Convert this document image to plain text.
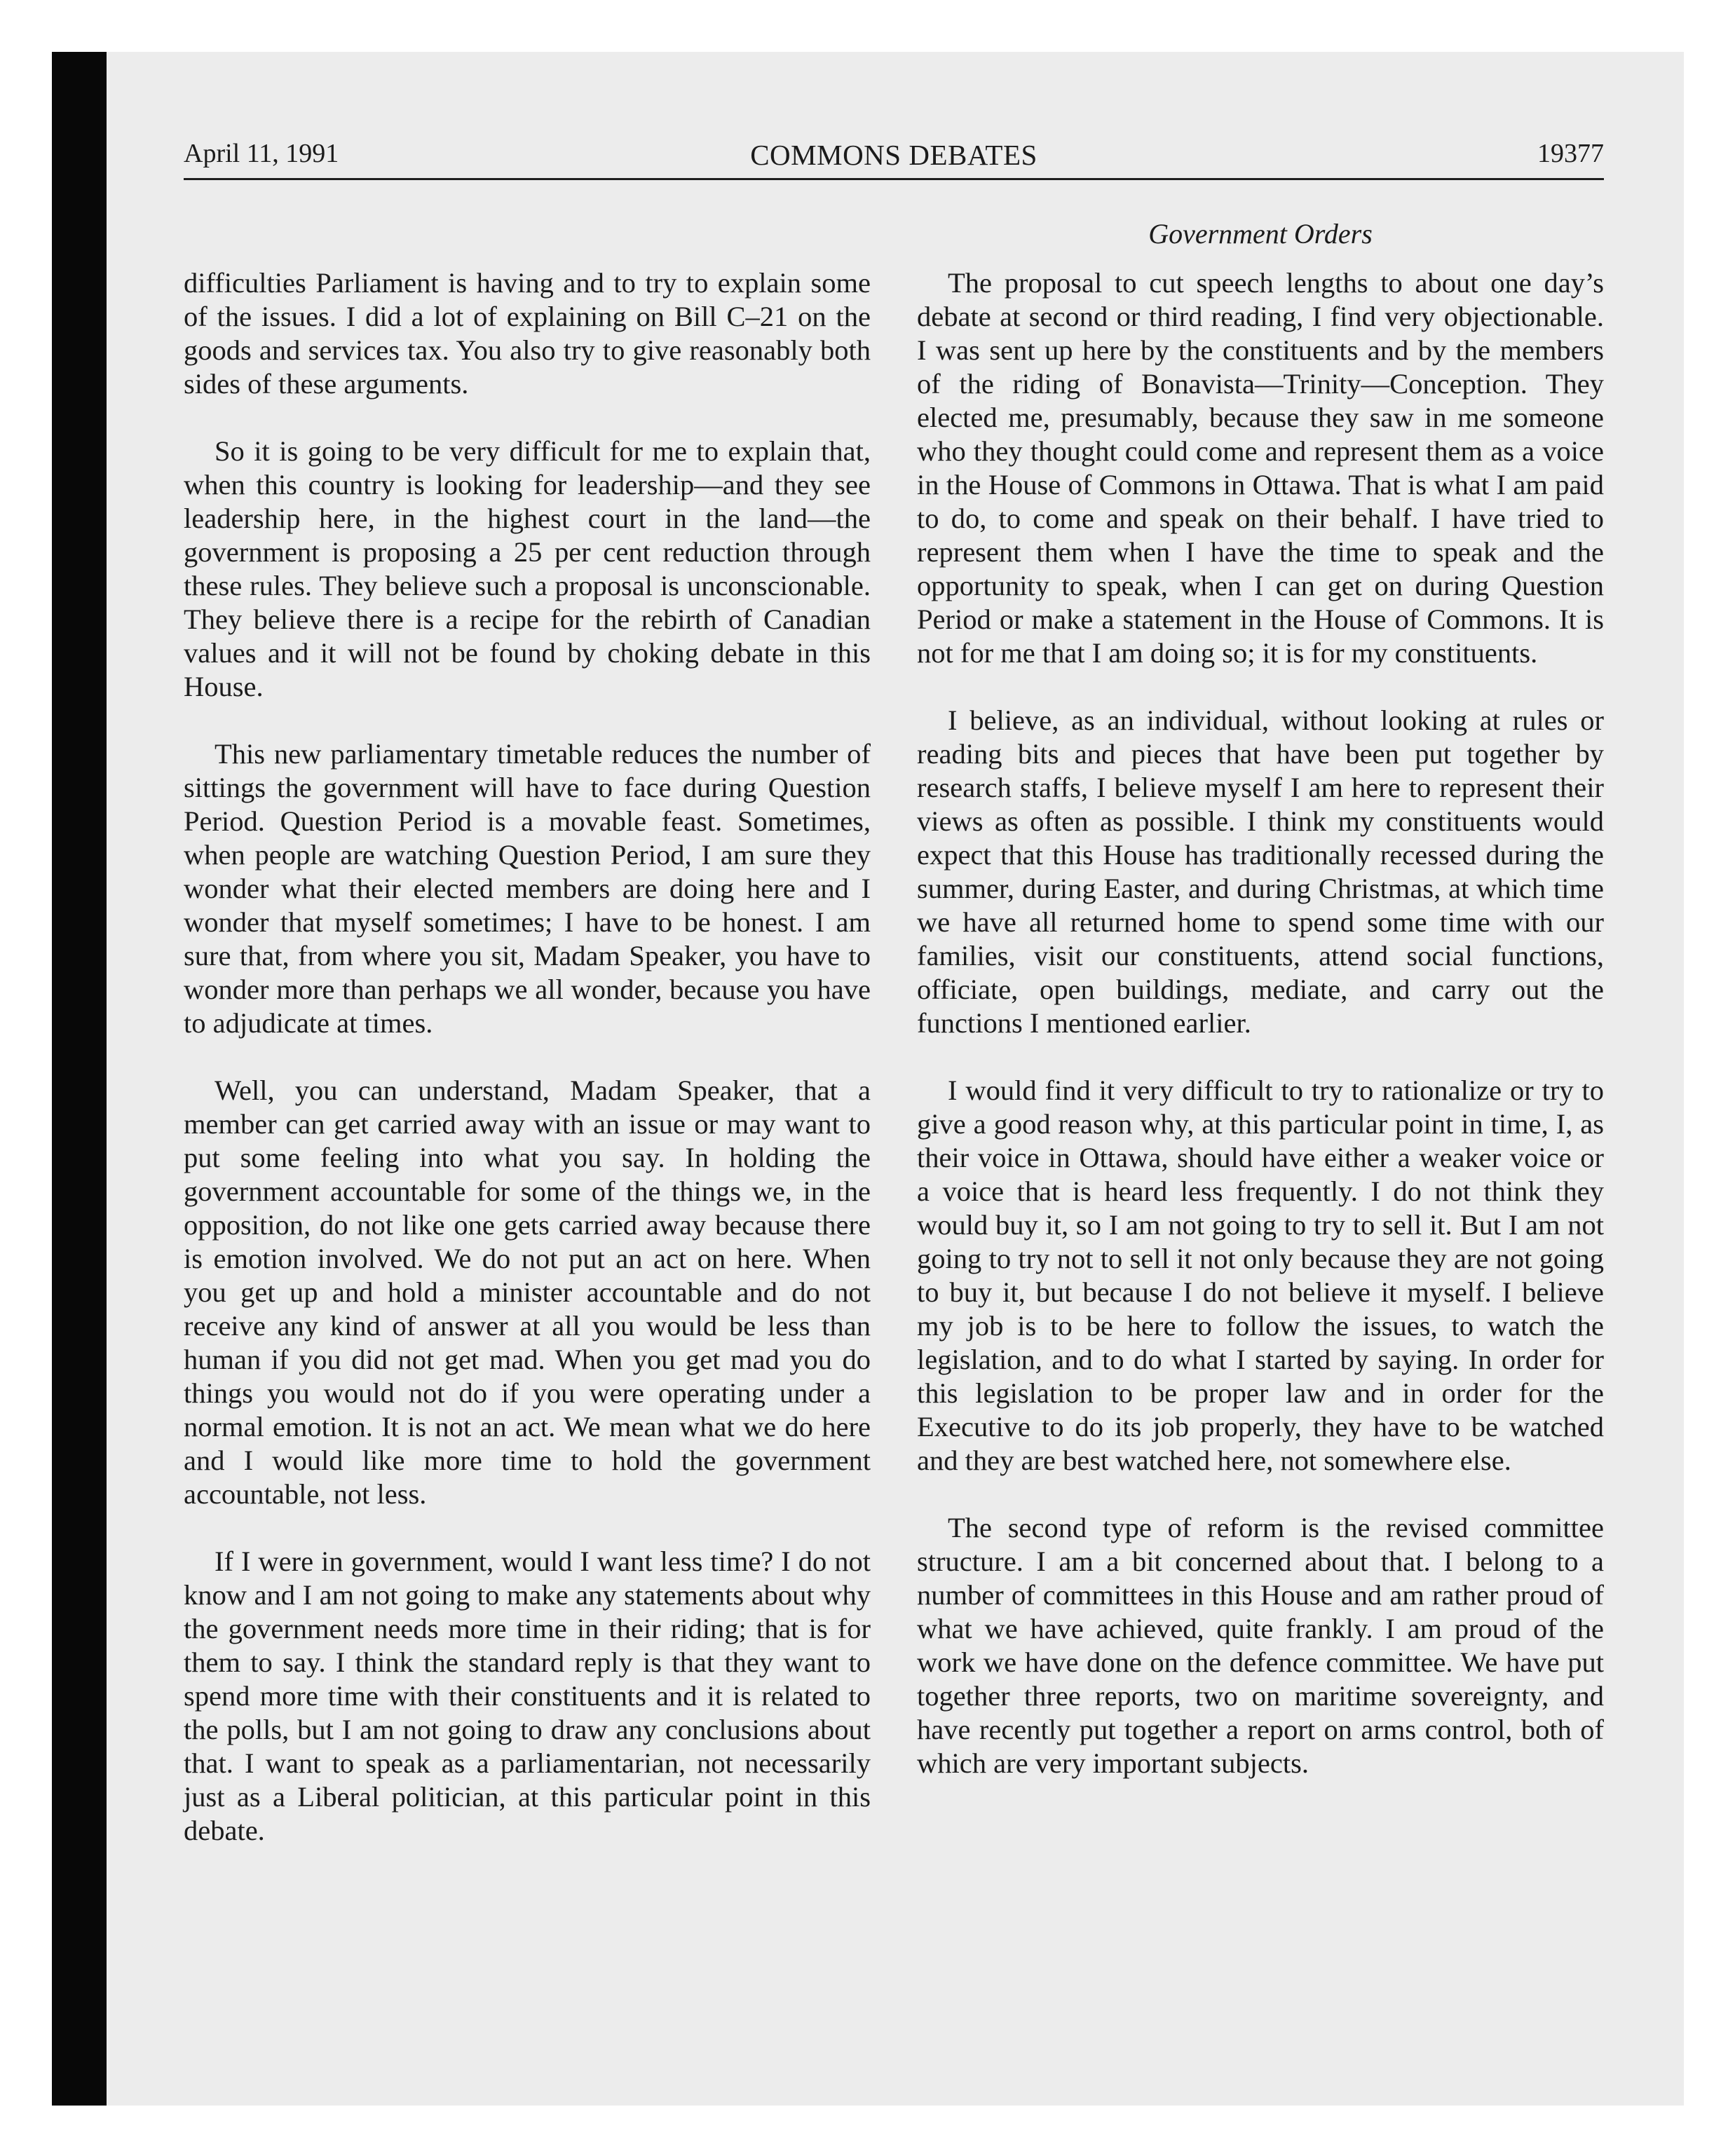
April 11, 1991	COMMONS DEBATES	19377
Government Orders

difficulties Parliament is having and to try to explain some of the issues. I did a lot of explaining on Bill C–21 on the goods and services tax. You also try to give reasonably both sides of these arguments.

So it is going to be very difficult for me to explain that, when this country is looking for leadership—and they see leadership here, in the highest court in the land—the government is proposing a 25 per cent reduction through these rules. They believe such a proposal is unconscionable. They believe there is a recipe for the rebirth of Canadian values and it will not be found by choking debate in this House.

This new parliamentary timetable reduces the number of sittings the government will have to face during Question Period. Question Period is a movable feast. Sometimes, when people are watching Question Period, I am sure they wonder what their elected members are doing here and I wonder that myself sometimes; I have to be honest. I am sure that, from where you sit, Madam Speaker, you have to wonder more than perhaps we all wonder, because you have to adjudicate at times.

Well, you can understand, Madam Speaker, that a member can get carried away with an issue or may want to put some feeling into what you say. In holding the government accountable for some of the things we, in the opposition, do not like one gets carried away because there is emotion involved. We do not put an act on here. When you get up and hold a minister accountable and do not receive any kind of answer at all you would be less than human if you did not get mad. When you get mad you do things you would not do if you were operating under a normal emotion. It is not an act. We mean what we do here and I would like more time to hold the government accountable, not less.

If I were in government, would I want less time? I do not know and I am not going to make any statements about why the government needs more time in their riding; that is for them to say. I think the standard reply is that they want to spend more time with their constituents and it is related to the polls, but I am not going to draw any conclusions about that. I want to speak as a parliamentarian, not necessarily just as a Liberal politician, at this particular point in this debate.

The proposal to cut speech lengths to about one day’s debate at second or third reading, I find very objectionable. I was sent up here by the constituents and by the members of the riding of Bonavista—Trinity—Conception. They elected me, presumably, because they saw in me someone who they thought could come and represent them as a voice in the House of Commons in Ottawa. That is what I am paid to do, to come and speak on their behalf. I have tried to represent them when I have the time to speak and the opportunity to speak, when I can get on during Question Period or make a statement in the House of Commons. It is not for me that I am doing so; it is for my constituents.

I believe, as an individual, without looking at rules or reading bits and pieces that have been put together by research staffs, I believe myself I am here to represent their views as often as possible. I think my constituents would expect that this House has traditionally recessed during the summer, during Easter, and during Christmas, at which time we have all returned home to spend some time with our families, visit our constituents, attend social functions, officiate, open buildings, mediate, and carry out the functions I mentioned earlier.

I would find it very difficult to try to rationalize or try to give a good reason why, at this particular point in time, I, as their voice in Ottawa, should have either a weaker voice or a voice that is heard less frequently. I do not think they would buy it, so I am not going to try to sell it. But I am not going to try not to sell it not only because they are not going to buy it, but because I do not believe it myself. I believe my job is to be here to follow the issues, to watch the legislation, and to do what I started by saying. In order for this legislation to be proper law and in order for the Executive to do its job properly, they have to be watched and they are best watched here, not somewhere else.

The second type of reform is the revised committee structure. I am a bit concerned about that. I belong to a number of committees in this House and am rather proud of what we have achieved, quite frankly. I am proud of the work we have done on the defence committee. We have put together three reports, two on maritime sovereignty, and have recently put together a report on arms control, both of which are very important subjects.
